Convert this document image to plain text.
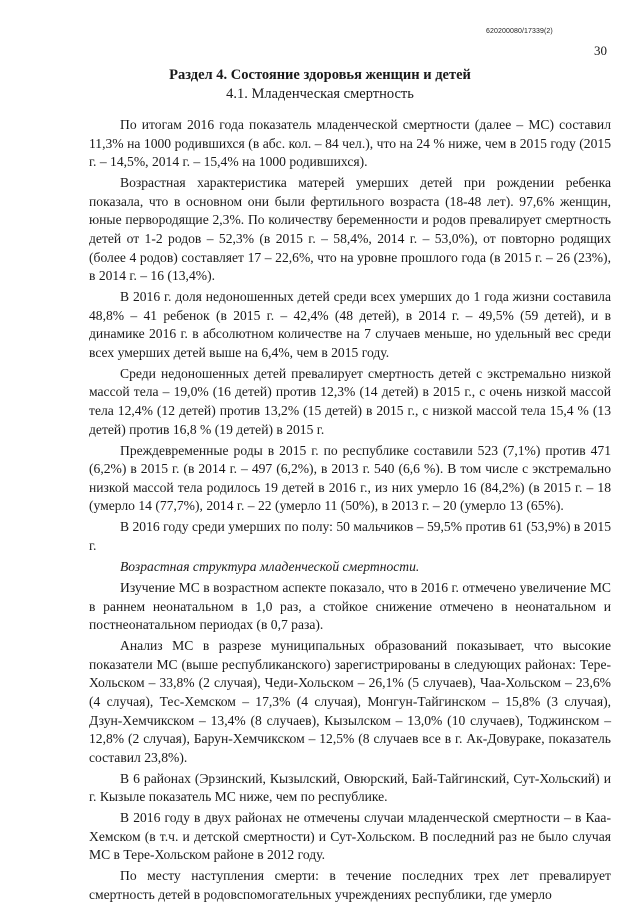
620200080/17339(2)
30
Раздел 4. Состояние здоровья женщин и детей
4.1. Младенческая смертность

По итогам 2016 года показатель младенческой смертности (далее – МС) составил 11,3% на 1000 родившихся (в абс. кол. – 84 чел.), что на 24 % ниже, чем в 2015 году (2015 г. – 14,5%, 2014 г. – 15,4% на 1000 родившихся).

Возрастная характеристика матерей умерших детей при рождении ребенка показала, что в основном они были фертильного возраста (18-48 лет). 97,6% женщин, юные первородящие 2,3%. По количеству беременности и родов превалирует смертность детей от 1-2 родов – 52,3% (в 2015 г. – 58,4%, 2014 г. – 53,0%), от повторно родящих (более 4 родов) составляет 17 – 22,6%, что на уровне прошлого года (в 2015 г. – 26 (23%), в 2014 г. – 16 (13,4%).

В 2016 г. доля недоношенных детей среди всех умерших до 1 года жизни составила 48,8% – 41 ребенок (в 2015 г. – 42,4% (48 детей), в 2014 г. – 49,5% (59 детей), и в динамике 2016 г. в абсолютном количестве на 7 случаев меньше, но удельный вес среди всех умерших детей выше на 6,4%, чем в 2015 году.

Среди недоношенных детей превалирует смертность детей с экстремально низкой массой тела – 19,0% (16 детей) против 12,3% (14 детей) в 2015 г., с очень низкой массой тела 12,4% (12 детей) против 13,2% (15 детей) в 2015 г., с низкой массой тела 15,4 % (13 детей) против 16,8 % (19 детей) в 2015 г.

Преждевременные роды в 2015 г. по республике составили 523 (7,1%) против 471 (6,2%) в 2015 г. (в 2014 г. – 497 (6,2%), в 2013 г. 540 (6,6 %). В том числе с экстремально низкой массой тела родилось 19 детей в 2016 г., из них умерло 16 (84,2%) (в 2015 г. – 18 (умерло 14 (77,7%), 2014 г. – 22 (умерло 11 (50%), в 2013 г. – 20 (умерло 13 (65%).

В 2016 году среди умерших по полу: 50 мальчиков – 59,5% против 61 (53,9%) в 2015 г.

Возрастная структура младенческой смертности.

Изучение МС в возрастном аспекте показало, что в 2016 г. отмечено увеличение МС в раннем неонатальном в 1,0 раз, а стойкое снижение отмечено в неонатальном и постнеонатальном периодах (в 0,7 раза).

Анализ МС в разрезе муниципальных образований показывает, что высокие показатели МС (выше республиканского) зарегистрированы в следующих районах: Тере-Хольском – 33,8% (2 случая), Чеди-Хольском – 26,1% (5 случаев), Чаа-Хольском – 23,6% (4 случая), Тес-Хемском – 17,3% (4 случая), Монгун-Тайгинском – 15,8% (3 случая), Дзун-Хемчикском – 13,4% (8 случаев), Кызылском – 13,0% (10 случаев), Тоджинском – 12,8% (2 случая), Барун-Хемчикском – 12,5% (8 случаев все в г. Ак-Довураке, показатель составил 23,8%).

В 6 районах (Эрзинский, Кызылский, Овюрский, Бай-Тайгинский, Сут-Хольский) и г. Кызыле показатель МС ниже, чем по республике.

В 2016 году в двух районах не отмечены случаи младенческой смертности – в Каа-Хемском (в т.ч. и детской смертности) и Сут-Хольском. В последний раз не было случая МС в Тере-Хольском районе в 2012 году.

По месту наступления смерти: в течение последних трех лет превалирует смертность детей в родовспомогательных учреждениях республики, где умерло
